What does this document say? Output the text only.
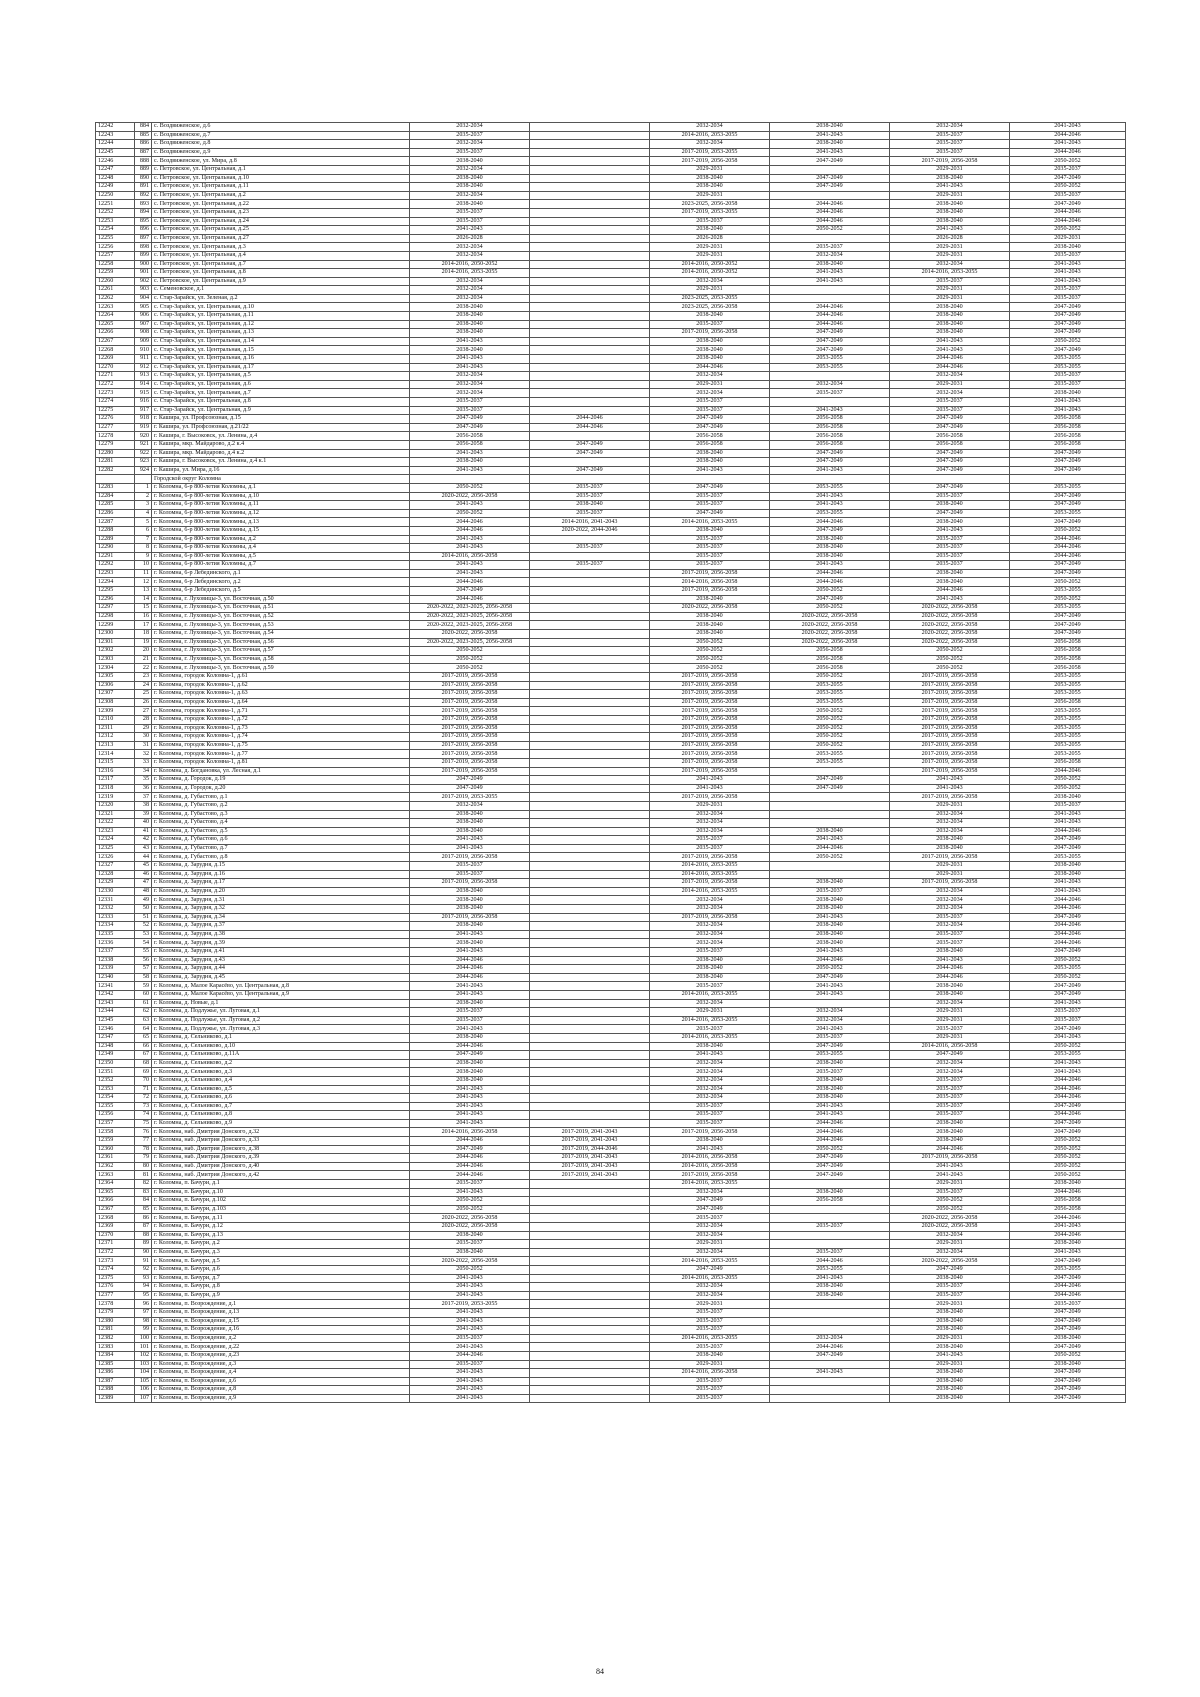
12242	884	с. Воздвиженское, д.6	2032-2034		2032-2034	2038-2040	2032-2034	2041-2043
12243	885	с. Воздвиженское, д.7	2035-2037		2014-2016, 2053-2055	2041-2043	2035-2037	2044-2046
12244	886	с. Воздвиженское, д.8	2032-2034		2032-2034	2038-2040	2035-2037	2041-2043
12245	887	с. Воздвиженское, д.9	2035-2037		2017-2019, 2053-2055	2041-2043	2035-2037	2044-2046
12246	888	с. Воздвиженское, ул. Мира, д.8	2038-2040		2017-2019, 2056-2058	2047-2049	2017-2019, 2056-2058	2050-2052
12247	889	с. Петровское, ул. Центральная, д.1	2032-2034		2029-2031		2029-2031	2035-2037
12248	890	с. Петровское, ул. Центральная, д.10	2038-2040		2038-2040	2047-2049	2038-2040	2047-2049
12249	891	с. Петровское, ул. Центральная, д.11	2038-2040		2038-2040	2047-2049	2041-2043	2050-2052
12250	892	с. Петровское, ул. Центральная, д.2	2032-2034		2029-2031		2029-2031	2035-2037
12251	893	с. Петровское, ул. Центральная, д.22	2038-2040		2023-2025, 2056-2058	2044-2046	2038-2040	2047-2049
12252	894	с. Петровское, ул. Центральная, д.23	2035-2037		2017-2019, 2053-2055	2044-2046	2038-2040	2044-2046
12253	895	с. Петровское, ул. Центральная, д.24	2035-2037		2035-2037	2044-2046	2038-2040	2044-2046
12254	896	с. Петровское, ул. Центральная, д.25	2041-2043		2038-2040	2050-2052	2041-2043	2050-2052
12255	897	с. Петровское, ул. Центральная, д.27	2026-2028		2026-2028		2026-2028	2029-2031
12256	898	с. Петровское, ул. Центральная, д.3	2032-2034		2029-2031	2035-2037	2029-2031	2038-2040
12257	899	с. Петровское, ул. Центральная, д.4	2032-2034		2029-2031	2032-2034	2029-2031	2035-2037
12258	900	с. Петровское, ул. Центральная, д.7	2014-2016, 2050-2052		2014-2016, 2050-2052	2038-2040	2032-2034	2041-2043
12259	901	с. Петровское, ул. Центральная, д.8	2014-2016, 2053-2055		2014-2016, 2050-2052	2041-2043	2014-2016, 2053-2055	2041-2043
12260	902	с. Петровское, ул. Центральная, д.9	2032-2034		2032-2034	2041-2043	2035-2037	2041-2043
12261	903	с. Семеновское, д.1	2032-2034		2029-2031		2029-2031	2035-2037
12262	904	с. Стар-Зарайск, ул. Зеленая, д.2	2032-2034		2023-2025, 2053-2055		2029-2031	2035-2037
12263	905	с. Стар-Зарайск, ул. Центральная, д.10	2038-2040		2023-2025, 2056-2058	2044-2046	2038-2040	2047-2049
12264	906	с. Стар-Зарайск, ул. Центральная, д.11	2038-2040		2038-2040	2044-2046	2038-2040	2047-2049
12265	907	с. Стар-Зарайск, ул. Центральная, д.12	2038-2040		2035-2037	2044-2046	2038-2040	2047-2049
12266	908	с. Стар-Зарайск, ул. Центральная, д.13	2038-2040		2017-2019, 2056-2058	2047-2049	2038-2040	2047-2049
12267	909	с. Стар-Зарайск, ул. Центральная, д.14	2041-2043		2038-2040	2047-2049	2041-2043	2050-2052
12268	910	с. Стар-Зарайск, ул. Центральная, д.15	2038-2040		2038-2040	2047-2049	2041-2043	2047-2049
12269	911	с. Стар-Зарайск, ул. Центральная, д.16	2041-2043		2038-2040	2053-2055	2044-2046	2053-2055
12270	912	с. Стар-Зарайск, ул. Центральная, д.17	2041-2043		2044-2046	2053-2055	2044-2046	2053-2055
12271	913	с. Стар-Зарайск, ул. Центральная, д.5	2032-2034		2032-2034		2032-2034	2035-2037
12272	914	с. Стар-Зарайск, ул. Центральная, д.6	2032-2034		2029-2031	2032-2034	2029-2031	2035-2037
12273	915	с. Стар-Зарайск, ул. Центральная, д.7	2032-2034		2032-2034	2035-2037	2032-2034	2038-2040
12274	916	с. Стар-Зарайск, ул. Центральная, д.8	2035-2037		2035-2037		2035-2037	2041-2043
12275	917	с. Стар-Зарайск, ул. Центральная, д.9	2035-2037		2035-2037	2041-2043	2035-2037	2041-2043
12276	918	г. Кашира, ул. Профсоюзная, д.15	2047-2049	2044-2046	2047-2049	2056-2058	2047-2049	2056-2058
12277	919	г. Кашира, ул. Профсоюзная, д.21/22	2047-2049	2044-2046	2047-2049	2056-2058	2047-2049	2056-2058
12278	920	г. Кашира, г. Высоковск, ул. Ленина, д.4	2056-2058		2056-2058	2056-2058	2056-2058	2056-2058
12279	921	г. Кашира, мкр. Майдарово, д.2 к.4	2056-2058	2047-2049	2056-2058	2056-2058	2056-2058	2056-2058
12280	922	г. Кашира, мкр. Майдарово, д.4 к.2	2041-2043	2047-2049	2038-2040	2047-2049	2047-2049	2047-2049
12281	923	г. Кашира, г. Высоковск, ул. Ленина, д.4 к.1	2038-2040		2038-2040	2047-2049	2047-2049	2047-2049
12282	924	г. Кашира, ул. Мира, д.16	2041-2043	2047-2049	2041-2043	2041-2043	2047-2049	2047-2049
		Городской округ Коломна						
12283	1	г. Коломна, 6-р 800-летия Коломны, д.1	2050-2052	2035-2037	2047-2049	2053-2055	2047-2049	2053-2055
12284	2	г. Коломна, 6-р 800-летия Коломны, д.10	2020-2022, 2056-2058	2035-2037	2035-2037	2041-2043	2035-2037	2047-2049
12285	3	г. Коломна, 6-р 800-летия Коломны, д.11	2041-2043	2038-2040	2035-2037	2041-2043	2038-2040	2047-2049
12286	4	г. Коломна, 6-р 800-летия Коломны, д.12	2050-2052	2035-2037	2047-2049	2053-2055	2047-2049	2053-2055
12287	5	г. Коломна, 6-р 800-летия Коломны, д.13	2044-2046	2014-2016, 2041-2043	2014-2016, 2053-2055	2044-2046	2038-2040	2047-2049
12288	6	г. Коломна, 6-р 800-летия Коломны, д.15	2044-2046	2020-2022, 2044-2046	2038-2040	2047-2049	2041-2043	2050-2052
12289	7	г. Коломна, 6-р 800-летия Коломны, д.2	2041-2043		2035-2037	2038-2040	2035-2037	2044-2046
12290	8	г. Коломна, 6-р 800-летия Коломны, д.4	2041-2043	2035-2037	2035-2037	2038-2040	2035-2037	2044-2046
12291	9	г. Коломна, 6-р 800-летия Коломны, д.5	2014-2016, 2056-2058		2035-2037	2038-2040	2035-2037	2044-2046
12292	10	г. Коломна, 6-р 800-летия Коломны, д.7	2041-2043	2035-2037	2035-2037	2041-2043	2035-2037	2047-2049
12293	11	г. Коломна, 6-р Лебединского, д.1	2041-2043		2017-2019, 2056-2058	2044-2046	2038-2040	2047-2049
12294	12	г. Коломна, 6-р Лебединского, д.2	2044-2046		2014-2016, 2056-2058	2044-2046	2038-2040	2050-2052
12295	13	г. Коломна, 6-р Лебединского, д.5	2047-2049		2017-2019, 2056-2058	2050-2052	2044-2046	2053-2055
12296	14	г. Коломна, г. Луховицы-3, ул. Восточная, д.50	2044-2046		2038-2040	2047-2049	2041-2043	2050-2052
12297	15	г. Коломна, г. Луховицы-3, ул. Восточная, д.51	2020-2022, 2023-2025, 2056-2058		2020-2022, 2056-2058	2050-2052	2020-2022, 2056-2058	2053-2055
12298	16	г. Коломна, г. Луховицы-3, ул. Восточная, д.52	2020-2022, 2023-2025, 2056-2058		2038-2040	2020-2022, 2056-2058	2020-2022, 2056-2058	2047-2049
12299	17	г. Коломна, г. Луховицы-3, ул. Восточная, д.53	2020-2022, 2023-2025, 2056-2058		2038-2040	2020-2022, 2056-2058	2020-2022, 2056-2058	2047-2049
12300	18	г. Коломна, г. Луховицы-3, ул. Восточная, д.54	2020-2022, 2056-2058		2038-2040	2020-2022, 2056-2058	2020-2022, 2056-2058	2047-2049
12301	19	г. Коломна, г. Луховицы-3, ул. Восточная, д.56	2020-2022, 2023-2025, 2056-2058		2050-2052	2020-2022, 2056-2058	2020-2022, 2056-2058	2056-2058
12302	20	г. Коломна, г. Луховицы-3, ул. Восточная, д.57	2050-2052		2050-2052	2056-2058	2050-2052	2056-2058
12303	21	г. Коломна, г. Луховицы-3, ул. Восточная, д.58	2050-2052		2050-2052	2056-2058	2050-2052	2056-2058
12304	22	г. Коломна, г. Луховицы-3, ул. Восточная, д.59	2050-2052		2050-2052	2056-2058	2050-2052	2056-2058
12305	23	г. Коломна, городок Коломна-1, д.61	2017-2019, 2056-2058		2017-2019, 2056-2058	2050-2052	2017-2019, 2056-2058	2053-2055
12306	24	г. Коломна, городок Коломна-1, д.62	2017-2019, 2056-2058		2017-2019, 2056-2058	2053-2055	2017-2019, 2056-2058	2053-2055
12307	25	г. Коломна, городок Коломна-1, д.63	2017-2019, 2056-2058		2017-2019, 2056-2058	2053-2055	2017-2019, 2056-2058	2053-2055
12308	26	г. Коломна, городок Коломна-1, д.64	2017-2019, 2056-2058		2017-2019, 2056-2058	2053-2055	2017-2019, 2056-2058	2056-2058
12309	27	г. Коломна, городок Коломна-1, д.71	2017-2019, 2056-2058		2017-2019, 2056-2058	2050-2052	2017-2019, 2056-2058	2053-2055
12310	28	г. Коломна, городок Коломна-1, д.72	2017-2019, 2056-2058		2017-2019, 2056-2058	2050-2052	2017-2019, 2056-2058	2053-2055
12311	29	г. Коломна, городок Коломна-1, д.73	2017-2019, 2056-2058		2017-2019, 2056-2058	2050-2052	2017-2019, 2056-2058	2053-2055
12312	30	г. Коломна, городок Коломна-1, д.74	2017-2019, 2056-2058		2017-2019, 2056-2058	2050-2052	2017-2019, 2056-2058	2053-2055
12313	31	г. Коломна, городок Коломна-1, д.75	2017-2019, 2056-2058		2017-2019, 2056-2058	2050-2052	2017-2019, 2056-2058	2053-2055
12314	32	г. Коломна, городок Коломна-1, д.77	2017-2019, 2056-2058		2017-2019, 2056-2058	2053-2055	2017-2019, 2056-2058	2053-2055
12315	33	г. Коломна, городок Коломна-1, д.81	2017-2019, 2056-2058		2017-2019, 2056-2058	2053-2055	2017-2019, 2056-2058	2056-2058
12316	34	г. Коломна, д. Богдановка, ул. Лесная, д.1	2017-2019, 2056-2058		2017-2019, 2056-2058		2017-2019, 2056-2058	2044-2046
12317	35	г. Коломна, д. Городок, д.19	2047-2049		2041-2043	2047-2049	2041-2043	2050-2052
12318	36	г. Коломна, д. Городок, д.20	2047-2049		2041-2043	2047-2049	2041-2043	2050-2052
12319	37	г. Коломна, д. Губастово, д.1	2017-2019, 2053-2055		2017-2019, 2056-2058		2017-2019, 2056-2058	2038-2040
12320	38	г. Коломна, д. Губастово, д.2	2032-2034		2029-2031		2029-2031	2035-2037
12321	39	г. Коломна, д. Губастово, д.3	2038-2040		2032-2034		2032-2034	2041-2043
12322	40	г. Коломна, д. Губастово, д.4	2038-2040		2032-2034		2032-2034	2041-2043
12323	41	г. Коломна, д. Губастово, д.5	2038-2040		2032-2034	2038-2040	2032-2034	2044-2046
12324	42	г. Коломна, д. Губастово, д.6	2041-2043		2035-2037	2041-2043	2038-2040	2047-2049
12325	43	г. Коломна, д. Губастово, д.7	2041-2043		2035-2037	2044-2046	2038-2040	2047-2049
12326	44	г. Коломна, д. Губастово, д.8	2017-2019, 2056-2058		2017-2019, 2056-2058	2050-2052	2017-2019, 2056-2058	2053-2055
12327	45	г. Коломна, д. Зарудня, д.15	2035-2037		2014-2016, 2053-2055		2029-2031	2038-2040
12328	46	г. Коломна, д. Зарудня, д.16	2035-2037		2014-2016, 2053-2055		2029-2031	2038-2040
12329	47	г. Коломна, д. Зарудня, д.17	2017-2019, 2056-2058		2017-2019, 2056-2058	2038-2040	2017-2019, 2056-2058	2041-2043
12330	48	г. Коломна, д. Зарудня, д.20	2038-2040		2014-2016, 2053-2055	2035-2037	2032-2034	2041-2043
12331	49	г. Коломна, д. Зарудня, д.31	2038-2040		2032-2034	2038-2040	2032-2034	2044-2046
12332	50	г. Коломна, д. Зарудня, д.32	2038-2040		2032-2034	2038-2040	2032-2034	2044-2046
12333	51	г. Коломна, д. Зарудня, д.34	2017-2019, 2056-2058		2017-2019, 2056-2058	2041-2043	2035-2037	2047-2049
12334	52	г. Коломна, д. Зарудня, д.37	2038-2040		2032-2034	2038-2040	2032-2034	2044-2046
12335	53	г. Коломна, д. Зарудня, д.38	2041-2043		2032-2034	2038-2040	2035-2037	2044-2046
12336	54	г. Коломна, д. Зарудня, д.39	2038-2040		2032-2034	2038-2040	2035-2037	2044-2046
12337	55	г. Коломна, д. Зарудня, д.41	2041-2043		2035-2037	2041-2043	2038-2040	2047-2049
12338	56	г. Коломна, д. Зарудня, д.43	2044-2046		2038-2040	2044-2046	2041-2043	2050-2052
12339	57	г. Коломна, д. Зарудня, д.44	2044-2046		2038-2040	2050-2052	2044-2046	2053-2055
12340	58	г. Коломна, д. Зарудня, д.45	2044-2046		2038-2040	2047-2049	2044-2046	2050-2052
12341	59	г. Коломна, д. Малое Карасёво, ул. Центральная, д.8	2041-2043		2035-2037	2041-2043	2038-2040	2047-2049
12342	60	г. Коломна, д. Малое Карасёво, ул. Центральная, д.9	2041-2043		2014-2016, 2053-2055	2041-2043	2038-2040	2047-2049
12343	61	г. Коломна, д. Новые, д.1	2038-2040		2032-2034		2032-2034	2041-2043
12344	62	г. Коломна, д. Подлужье, ул. Луговая, д.1	2035-2037		2029-2031	2032-2034	2029-2031	2035-2037
12345	63	г. Коломна, д. Подлужье, ул. Луговая, д.2	2035-2037		2014-2016, 2053-2055	2032-2034	2029-2031	2035-2037
12346	64	г. Коломна, д. Подлужье, ул. Луговая, д.3	2041-2043		2035-2037	2041-2043	2035-2037	2047-2049
12347	65	г. Коломна, д. Сельниково, д.1	2038-2040		2014-2016, 2053-2055	2035-2037	2029-2031	2041-2043
12348	66	г. Коломна, д. Сельниково, д.10	2044-2046		2038-2040	2047-2049	2014-2016, 2056-2058	2050-2052
12349	67	г. Коломна, д. Сельниково, д.11А	2047-2049		2041-2043	2053-2055	2047-2049	2053-2055
12350	68	г. Коломна, д. Сельниково, д.2	2038-2040		2032-2034	2038-2040	2032-2034	2041-2043
12351	69	г. Коломна, д. Сельниково, д.3	2038-2040		2032-2034	2035-2037	2032-2034	2041-2043
12352	70	г. Коломна, д. Сельниково, д.4	2038-2040		2032-2034	2038-2040	2035-2037	2044-2046
12353	71	г. Коломна, д. Сельниково, д.5	2041-2043		2032-2034	2038-2040	2035-2037	2044-2046
12354	72	г. Коломна, д. Сельниково, д.6	2041-2043		2032-2034	2038-2040	2035-2037	2044-2046
12355	73	г. Коломна, д. Сельниково, д.7	2041-2043		2035-2037	2041-2043	2035-2037	2047-2049
12356	74	г. Коломна, д. Сельниково, д.8	2041-2043		2035-2037	2041-2043	2035-2037	2044-2046
12357	75	г. Коломна, д. Сельниково, д.9	2041-2043		2035-2037	2044-2046	2038-2040	2047-2049
12358	76	г. Коломна, наб. Дмитрия Донского, д.32	2014-2016, 2056-2058	2017-2019, 2041-2043	2017-2019, 2056-2058	2044-2046	2038-2040	2047-2049
12359	77	г. Коломна, наб. Дмитрия Донского, д.33	2044-2046	2017-2019, 2041-2043	2038-2040	2044-2046	2038-2040	2050-2052
12360	78	г. Коломна, наб. Дмитрия Донского, д.38	2047-2049	2017-2019, 2044-2046	2041-2043	2050-2052	2044-2046	2050-2052
12361	79	г. Коломна, наб. Дмитрия Донского, д.39	2044-2046	2017-2019, 2041-2043	2014-2016, 2056-2058	2047-2049	2017-2019, 2056-2058	2050-2052
12362	80	г. Коломна, наб. Дмитрия Донского, д.40	2044-2046	2017-2019, 2041-2043	2014-2016, 2056-2058	2047-2049	2041-2043	2050-2052
12363	81	г. Коломна, наб. Дмитрия Донского, д.42	2044-2046	2017-2019, 2041-2043	2017-2019, 2056-2058	2047-2049	2041-2043	2050-2052
12364	82	г. Коломна, п. Бачури, д.1	2035-2037		2014-2016, 2053-2055		2029-2031	2038-2040
12365	83	г. Коломна, п. Бачури, д.10	2041-2043		2032-2034	2038-2040	2035-2037	2044-2046
12366	84	г. Коломна, п. Бачури, д.102	2050-2052		2047-2049	2056-2058	2050-2052	2056-2058
12367	85	г. Коломна, п. Бачури, д.103	2050-2052		2047-2049		2050-2052	2056-2058
12368	86	г. Коломна, п. Бачури, д.11	2020-2022, 2056-2058		2035-2037		2020-2022, 2056-2058	2044-2046
12369	87	г. Коломна, п. Бачури, д.12	2020-2022, 2056-2058		2032-2034	2035-2037	2020-2022, 2056-2058	2041-2043
12370	88	г. Коломна, п. Бачури, д.13	2038-2040		2032-2034		2032-2034	2044-2046
12371	89	г. Коломна, п. Бачури, д.2	2035-2037		2029-2031		2029-2031	2038-2040
12372	90	г. Коломна, п. Бачури, д.3	2038-2040		2032-2034	2035-2037	2032-2034	2041-2043
12373	91	г. Коломна, п. Бачури, д.5	2020-2022, 2056-2058		2014-2016, 2053-2055	2044-2046	2020-2022, 2056-2058	2047-2049
12374	92	г. Коломна, п. Бачури, д.6	2050-2052		2047-2049	2053-2055	2047-2049	2053-2055
12375	93	г. Коломна, п. Бачури, д.7	2041-2043		2014-2016, 2053-2055	2041-2043	2038-2040	2047-2049
12376	94	г. Коломна, п. Бачури, д.8	2041-2043		2032-2034	2038-2040	2035-2037	2044-2046
12377	95	г. Коломна, п. Бачури, д.9	2041-2043		2032-2034	2038-2040	2035-2037	2044-2046
12378	96	г. Коломна, п. Возрождение, д.1	2017-2019, 2053-2055		2029-2031		2029-2031	2035-2037
12379	97	г. Коломна, п. Возрождение, д.13	2041-2043		2035-2037		2038-2040	2047-2049
12380	98	г. Коломна, п. Возрождение, д.15	2041-2043		2035-2037		2038-2040	2047-2049
12381	99	г. Коломна, п. Возрождение, д.16	2041-2043		2035-2037		2038-2040	2047-2049
12382	100	г. Коломна, п. Возрождение, д.2	2035-2037		2014-2016, 2053-2055	2032-2034	2029-2031	2038-2040
12383	101	г. Коломна, п. Возрождение, д.22	2041-2043		2035-2037	2044-2046	2038-2040	2047-2049
12384	102	г. Коломна, п. Возрождение, д.23	2044-2046		2038-2040	2047-2049	2041-2043	2050-2052
12385	103	г. Коломна, п. Возрождение, д.3	2035-2037		2029-2031		2029-2031	2038-2040
12386	104	г. Коломна, п. Возрождение, д.4	2041-2043		2014-2016, 2056-2058	2041-2043	2038-2040	2047-2049
12387	105	г. Коломна, п. Возрождение, д.6	2041-2043		2035-2037		2038-2040	2047-2049
12388	106	г. Коломна, п. Возрождение, д.8	2041-2043		2035-2037		2038-2040	2047-2049
12389	107	г. Коломна, п. Возрождение, д.9	2041-2043		2035-2037		2038-2040	2047-2049
84
